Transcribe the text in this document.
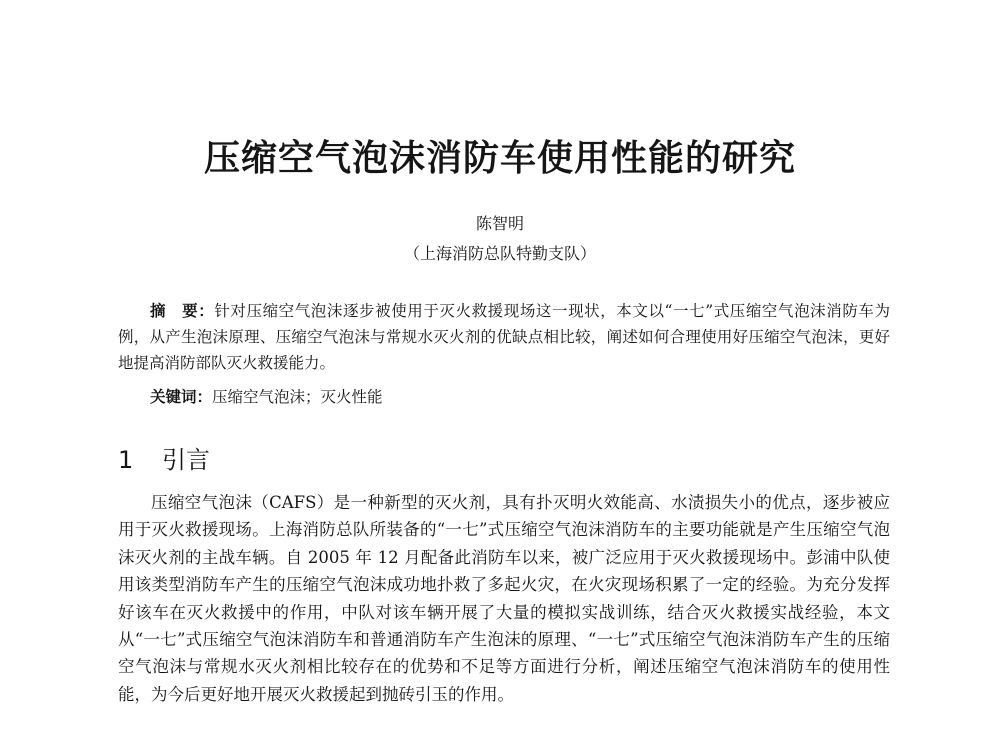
压缩空气泡沫消防车使用性能的研究
陈智明
（上海消防总队特勤支队）

摘　要：针对压缩空气泡沫逐步被使用于灭火救援现场这一现状，本文以“一七”式压缩空气泡沫消防车为例，从产生泡沫原理、压缩空气泡沫与常规水灭火剂的优缺点相比较，阐述如何合理使用好压缩空气泡沫，更好地提高消防部队灭火救援能力。

关键词：压缩空气泡沫；灭火性能

1 引言

压缩空气泡沫（CAFS）是一种新型的灭火剂，具有扑灭明火效能高、水渍损失小的优点，逐步被应用于灭火救援现场。上海消防总队所装备的“一七”式压缩空气泡沫消防车的主要功能就是产生压缩空气泡沫灭火剂的主战车辆。自 2005 年 12 月配备此消防车以来，被广泛应用于灭火救援现场中。彭浦中队使用该类型消防车产生的压缩空气泡沫成功地扑救了多起火灾，在火灾现场积累了一定的经验。为充分发挥好该车在灭火救援中的作用，中队对该车辆开展了大量的模拟实战训练，结合灭火救援实战经验，本文从“一七”式压缩空气泡沫消防车和普通消防车产生泡沫的原理、“一七”式压缩空气泡沫消防车产生的压缩空气泡沫与常规水灭火剂相比较存在的优势和不足等方面进行分析，阐述压缩空气泡沫消防车的使用性能，为今后更好地开展灭火救援起到抛砖引玉的作用。
